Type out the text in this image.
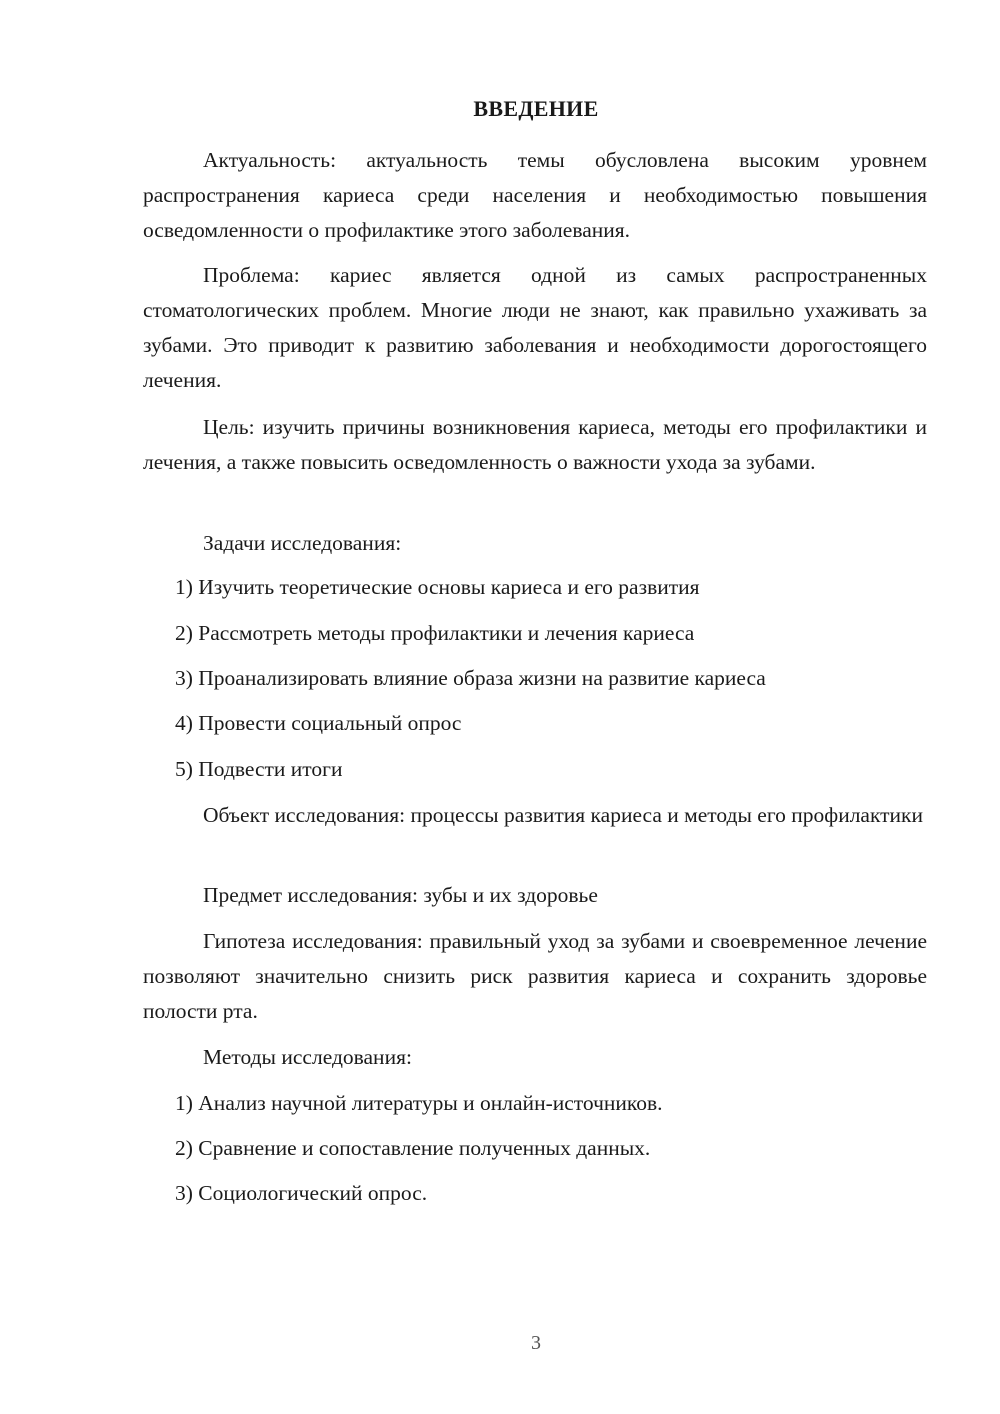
ВВЕДЕНИЕ
Актуальность: актуальность темы обусловлена высоким уровнем распространения кариеса среди населения и необходимостью повышения осведомленности о профилактике этого заболевания.
Проблема: кариес является одной из самых распространенных стоматологических проблем. Многие люди не знают, как правильно ухаживать за зубами. Это приводит к развитию заболевания и необходимости дорогостоящего лечения.
Цель: изучить причины возникновения кариеса, методы его профилактики и лечения, а также повысить осведомленность о важности ухода за зубами.
Задачи исследования:
1) Изучить теоретические основы кариеса и его развития
2) Рассмотреть методы профилактики и лечения кариеса
3) Проанализировать влияние образа жизни на развитие кариеса
4) Провести социальный опрос
5) Подвести итоги
Объект исследования: процессы развития кариеса и методы его профилактики
Предмет исследования: зубы и их здоровье
Гипотеза исследования: правильный уход за зубами и своевременное лечение позволяют значительно снизить риск развития кариеса и сохранить здоровье полости рта.
Методы исследования:
1) Анализ научной литературы и онлайн-источников.
2) Сравнение и сопоставление полученных данных.
3) Социологический опрос.
3
